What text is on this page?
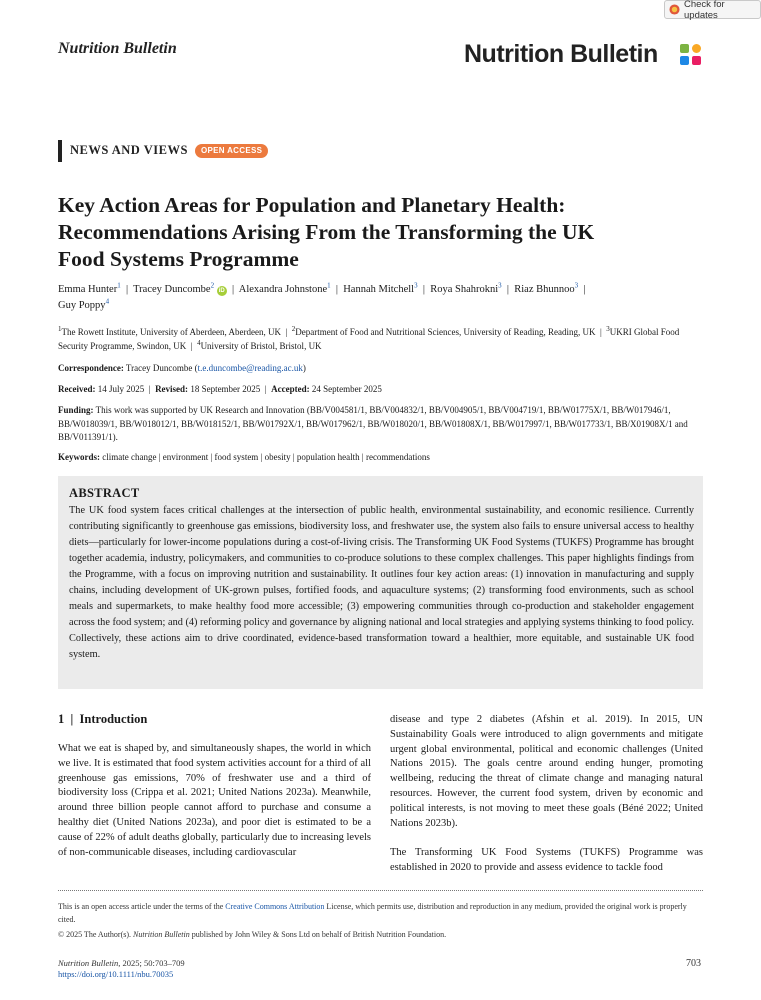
Check for updates
Nutrition Bulletin	Nutrition Bulletin
NEWS AND VIEWS	OPEN ACCESS
Key Action Areas for Population and Planetary Health:
Recommendations Arising From the Transforming the UK
Food Systems Programme
Emma Hunter$^1$  |  Tracey Duncombe$^2$ iD  |  Alexandra Johnstone$^1$  |  Hannah Mitchell$^3$  |  Roya Shahrokni$^3$  |  Riaz Bhunnoo$^3$  |
Guy Poppy$^4$
$^1$The Rowett Institute, University of Aberdeen, Aberdeen, UK | $^2$Department of Food and Nutritional Sciences, University of Reading, Reading, UK | $^3$UKRI Global Food Security Programme, Swindon, UK | $^4$University of Bristol, Bristol, UK
Correspondence: Tracey Duncombe (t.e.duncombe@reading.ac.uk)
Received: 14 July 2025 | Revised: 18 September 2025 | Accepted: 24 September 2025
Funding: This work was supported by UK Research and Innovation (BB/V004581/1, BB/V004832/1, BB/V004905/1, BB/V004719/1, BB/W01775X/1, BB/W017946/1, BB/W018039/1, BB/W018012/1, BB/W018152/1, BB/W01792X/1, BB/W017962/1, BB/W018020/1, BB/W01808X/1, BB/W017997/1, BB/W017733/1, BB/X01908X/1 and BB/V011391/1).
Keywords: climate change | environment | food system | obesity | population health | recommendations
ABSTRACT
The UK food system faces critical challenges at the intersection of public health, environmental sustainability, and economic resilience. Currently contributing significantly to greenhouse gas emissions, biodiversity loss, and freshwater use, the system also fails to ensure universal access to healthy diets—particularly for lower-income populations during a cost-of-living crisis. The Transforming UK Food Systems (TUKFS) Programme has brought together academia, industry, policymakers, and communities to co-produce solutions to these complex challenges. This paper highlights findings from the Programme, with a focus on improving nutrition and sustainability. It outlines four key action areas: (1) innovation in manufacturing and supply chains, including development of UK-grown pulses, fortified foods, and aquaculture systems; (2) transforming food environments, such as school meals and supermarkets, to make healthy food more accessible; (3) empowering communities through co-production and stakeholder engagement across the food system; and (4) reforming policy and governance by aligning national and local strategies and applying systems thinking to food policy. Collectively, these actions aim to drive coordinated, evidence-based transformation toward a healthier, more equitable, and sustainable UK food system.
1 | Introduction
What we eat is shaped by, and simultaneously shapes, the world in which we live. It is estimated that food system activities account for a third of all greenhouse gas emissions, 70% of freshwater use and a third of biodiversity loss (Crippa et al. 2021; United Nations 2023a). Meanwhile, around three billion people cannot afford to purchase and consume a healthy diet (United Nations 2023a), and poor diet is estimated to be a cause of 22% of adult deaths globally, particularly due to increasing levels of non-communicable diseases, including cardiovascular
disease and type 2 diabetes (Afshin et al. 2019). In 2015, UN Sustainability Goals were introduced to align governments and mitigate urgent global environmental, political and economic challenges (United Nations 2015). The goals centre around ending hunger, promoting wellbeing, reducing the threat of climate change and managing natural resources. However, the current food system, driven by economic and political interests, is not moving to meet these goals (Béné 2022; United Nations 2023b).
The Transforming UK Food Systems (TUKFS) Programme was established in 2020 to provide and assess evidence to tackle food
This is an open access article under the terms of the Creative Commons Attribution License, which permits use, distribution and reproduction in any medium, provided the original work is properly cited.
© 2025 The Author(s). Nutrition Bulletin published by John Wiley & Sons Ltd on behalf of British Nutrition Foundation.
Nutrition Bulletin, 2025; 50:703–709
https://doi.org/10.1111/nbu.70035
703
